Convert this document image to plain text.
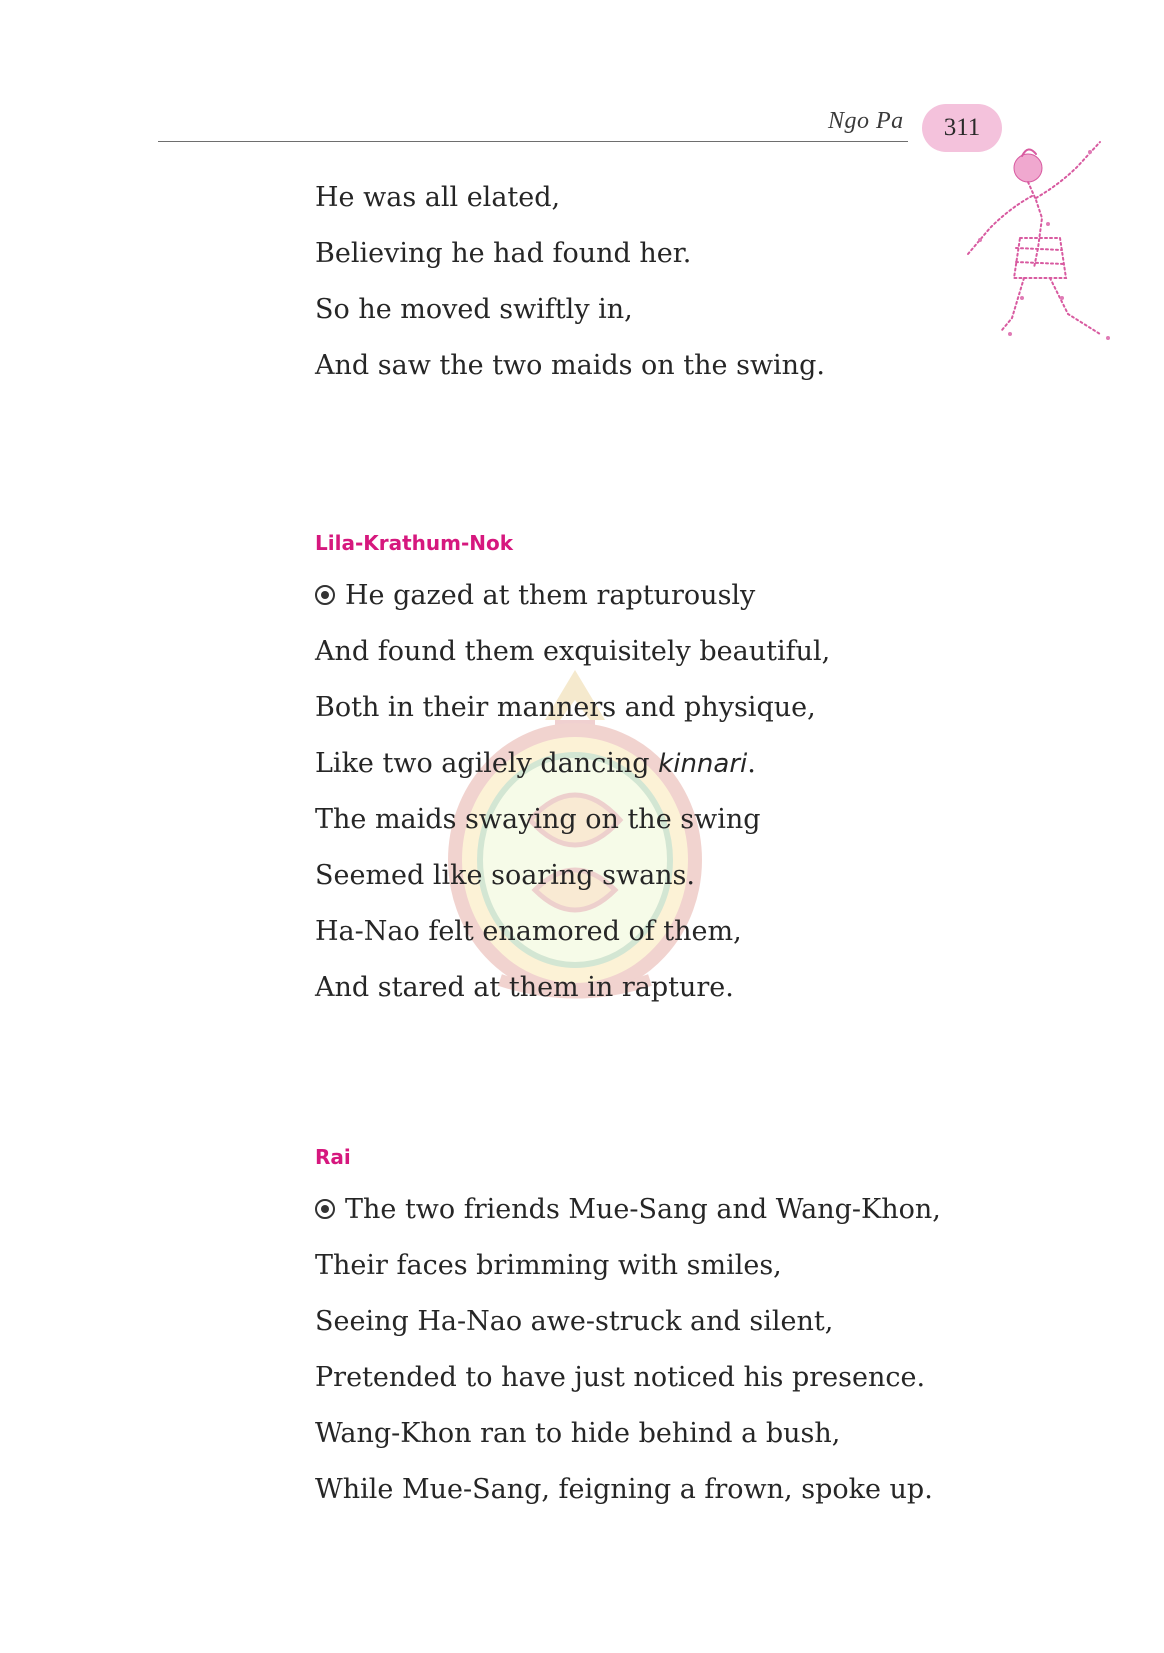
Ngo Pa 311
He was all elated,
Believing he had found her.
So he moved swiftly in,
And saw the two maids on the swing.
Lila-Krathum-Nok
He gazed at them rapturously
And found them exquisitely beautiful,
Both in their manners and physique,
Like two agilely dancing kinnari.
The maids swaying on the swing
Seemed like soaring swans.
Ha-Nao felt enamored of them,
And stared at them in rapture.
Rai
The two friends Mue-Sang and Wang-Khon,
Their faces brimming with smiles,
Seeing Ha-Nao awe-struck and silent,
Pretended to have just noticed his presence.
Wang-Khon ran to hide behind a bush,
While Mue-Sang, feigning a frown, spoke up.
